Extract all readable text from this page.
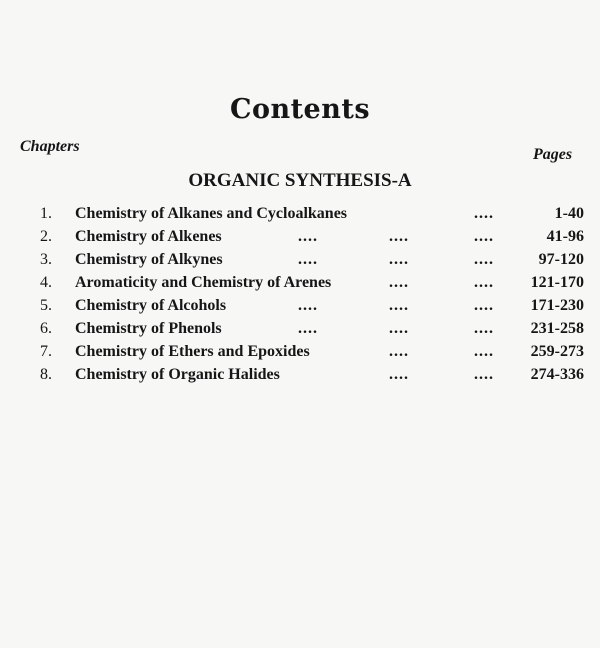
Contents
Chapters	Pages
ORGANIC SYNTHESIS-A
1. Chemistry of Alkanes and Cycloalkanes	....	1-40
2. Chemistry of Alkenes	....	....	....	41-96
3. Chemistry of Alkynes	....	....	....	97-120
4. Aromaticity and Chemistry of Arenes	....	.... 121-170
5. Chemistry of Alcohols	....	....	.... 171-230
6. Chemistry of Phenols	....	....	.... 231-258
7. Chemistry of Ethers and Epoxides	....	.... 259-273
8. Chemistry of Organic Halides	....	.... 274-336
